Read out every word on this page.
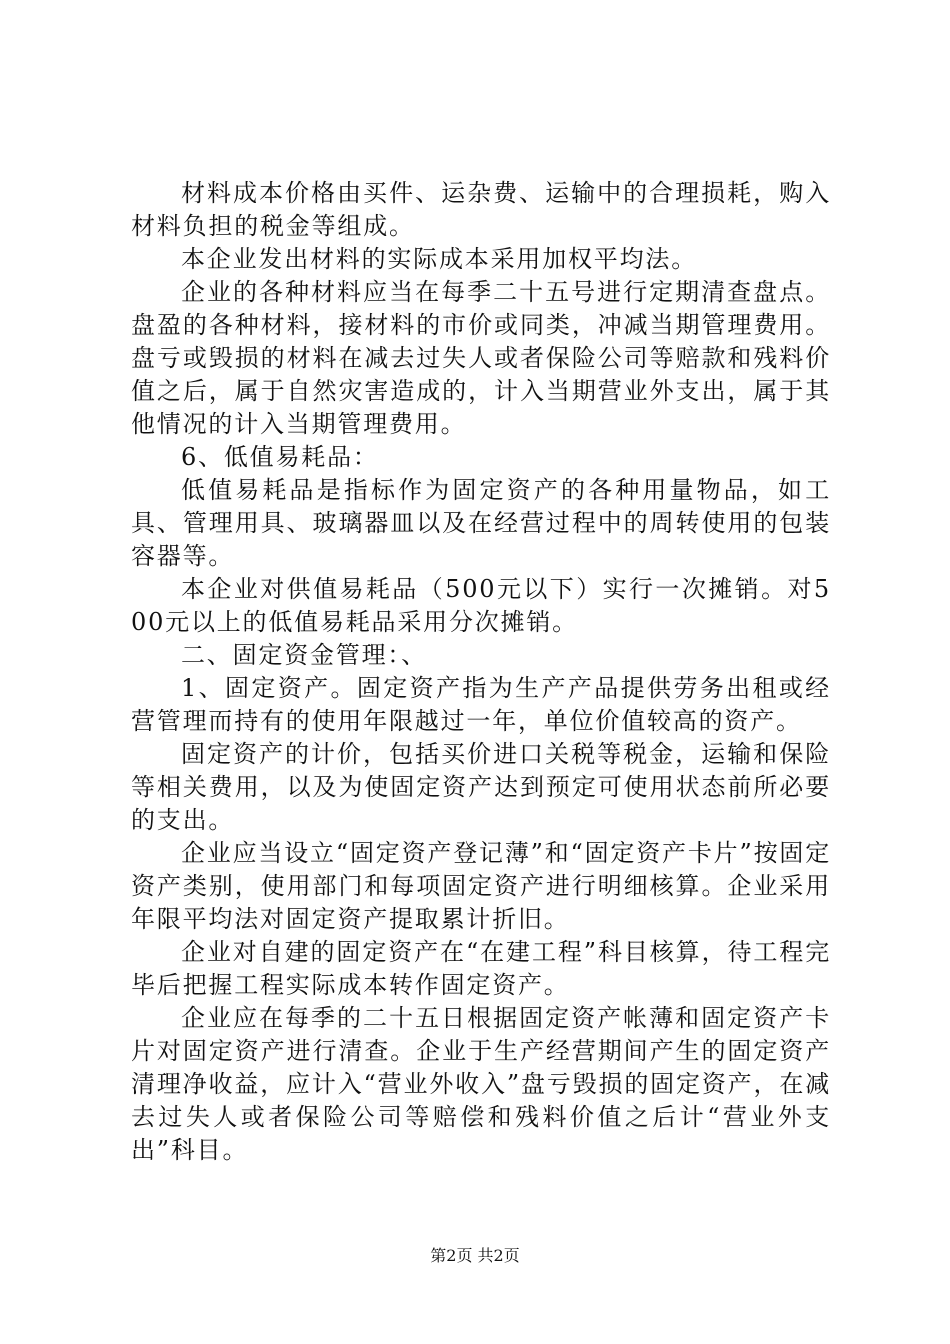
材料成本价格由买件、运杂费、运输中的合理损耗，购入材料负担的税金等组成。

本企业发出材料的实际成本采用加权平均法。

企业的各种材料应当在每季二十五号进行定期清查盘点。盘盈的各种材料，接材料的市价或同类，冲减当期管理费用。盘亏或毁损的材料在减去过失人或者保险公司等赔款和残料价值之后，属于自然灾害造成的，计入当期营业外支出，属于其他情况的计入当期管理费用。

6、低值易耗品：

低值易耗品是指标作为固定资产的各种用量物品，如工具、管理用具、玻璃器皿以及在经营过程中的周转使用的包装容器等。

本企业对供值易耗品（500元以下）实行一次摊销。对500元以上的低值易耗品采用分次摊销。

二、固定资金管理：、

1、固定资产。固定资产指为生产产品提供劳务出租或经营管理而持有的使用年限越过一年，单位价值较高的资产。

固定资产的计价，包括买价进口关税等税金，运输和保险等相关费用，以及为使固定资产达到预定可使用状态前所必要的支出。

企业应当设立“固定资产登记薄”和“固定资产卡片”按固定资产类别，使用部门和每项固定资产进行明细核算。企业采用年限平均法对固定资产提取累计折旧。

企业对自建的固定资产在“在建工程”科目核算，待工程完毕后把握工程实际成本转作固定资产。

企业应在每季的二十五日根据固定资产帐薄和固定资产卡片对固定资产进行清查。企业于生产经营期间产生的固定资产清理净收益，应计入“营业外收入”盘亏毁损的固定资产，在减去过失人或者保险公司等赔偿和残料价值之后计“营业外支出”科目。

第2页 共2页
